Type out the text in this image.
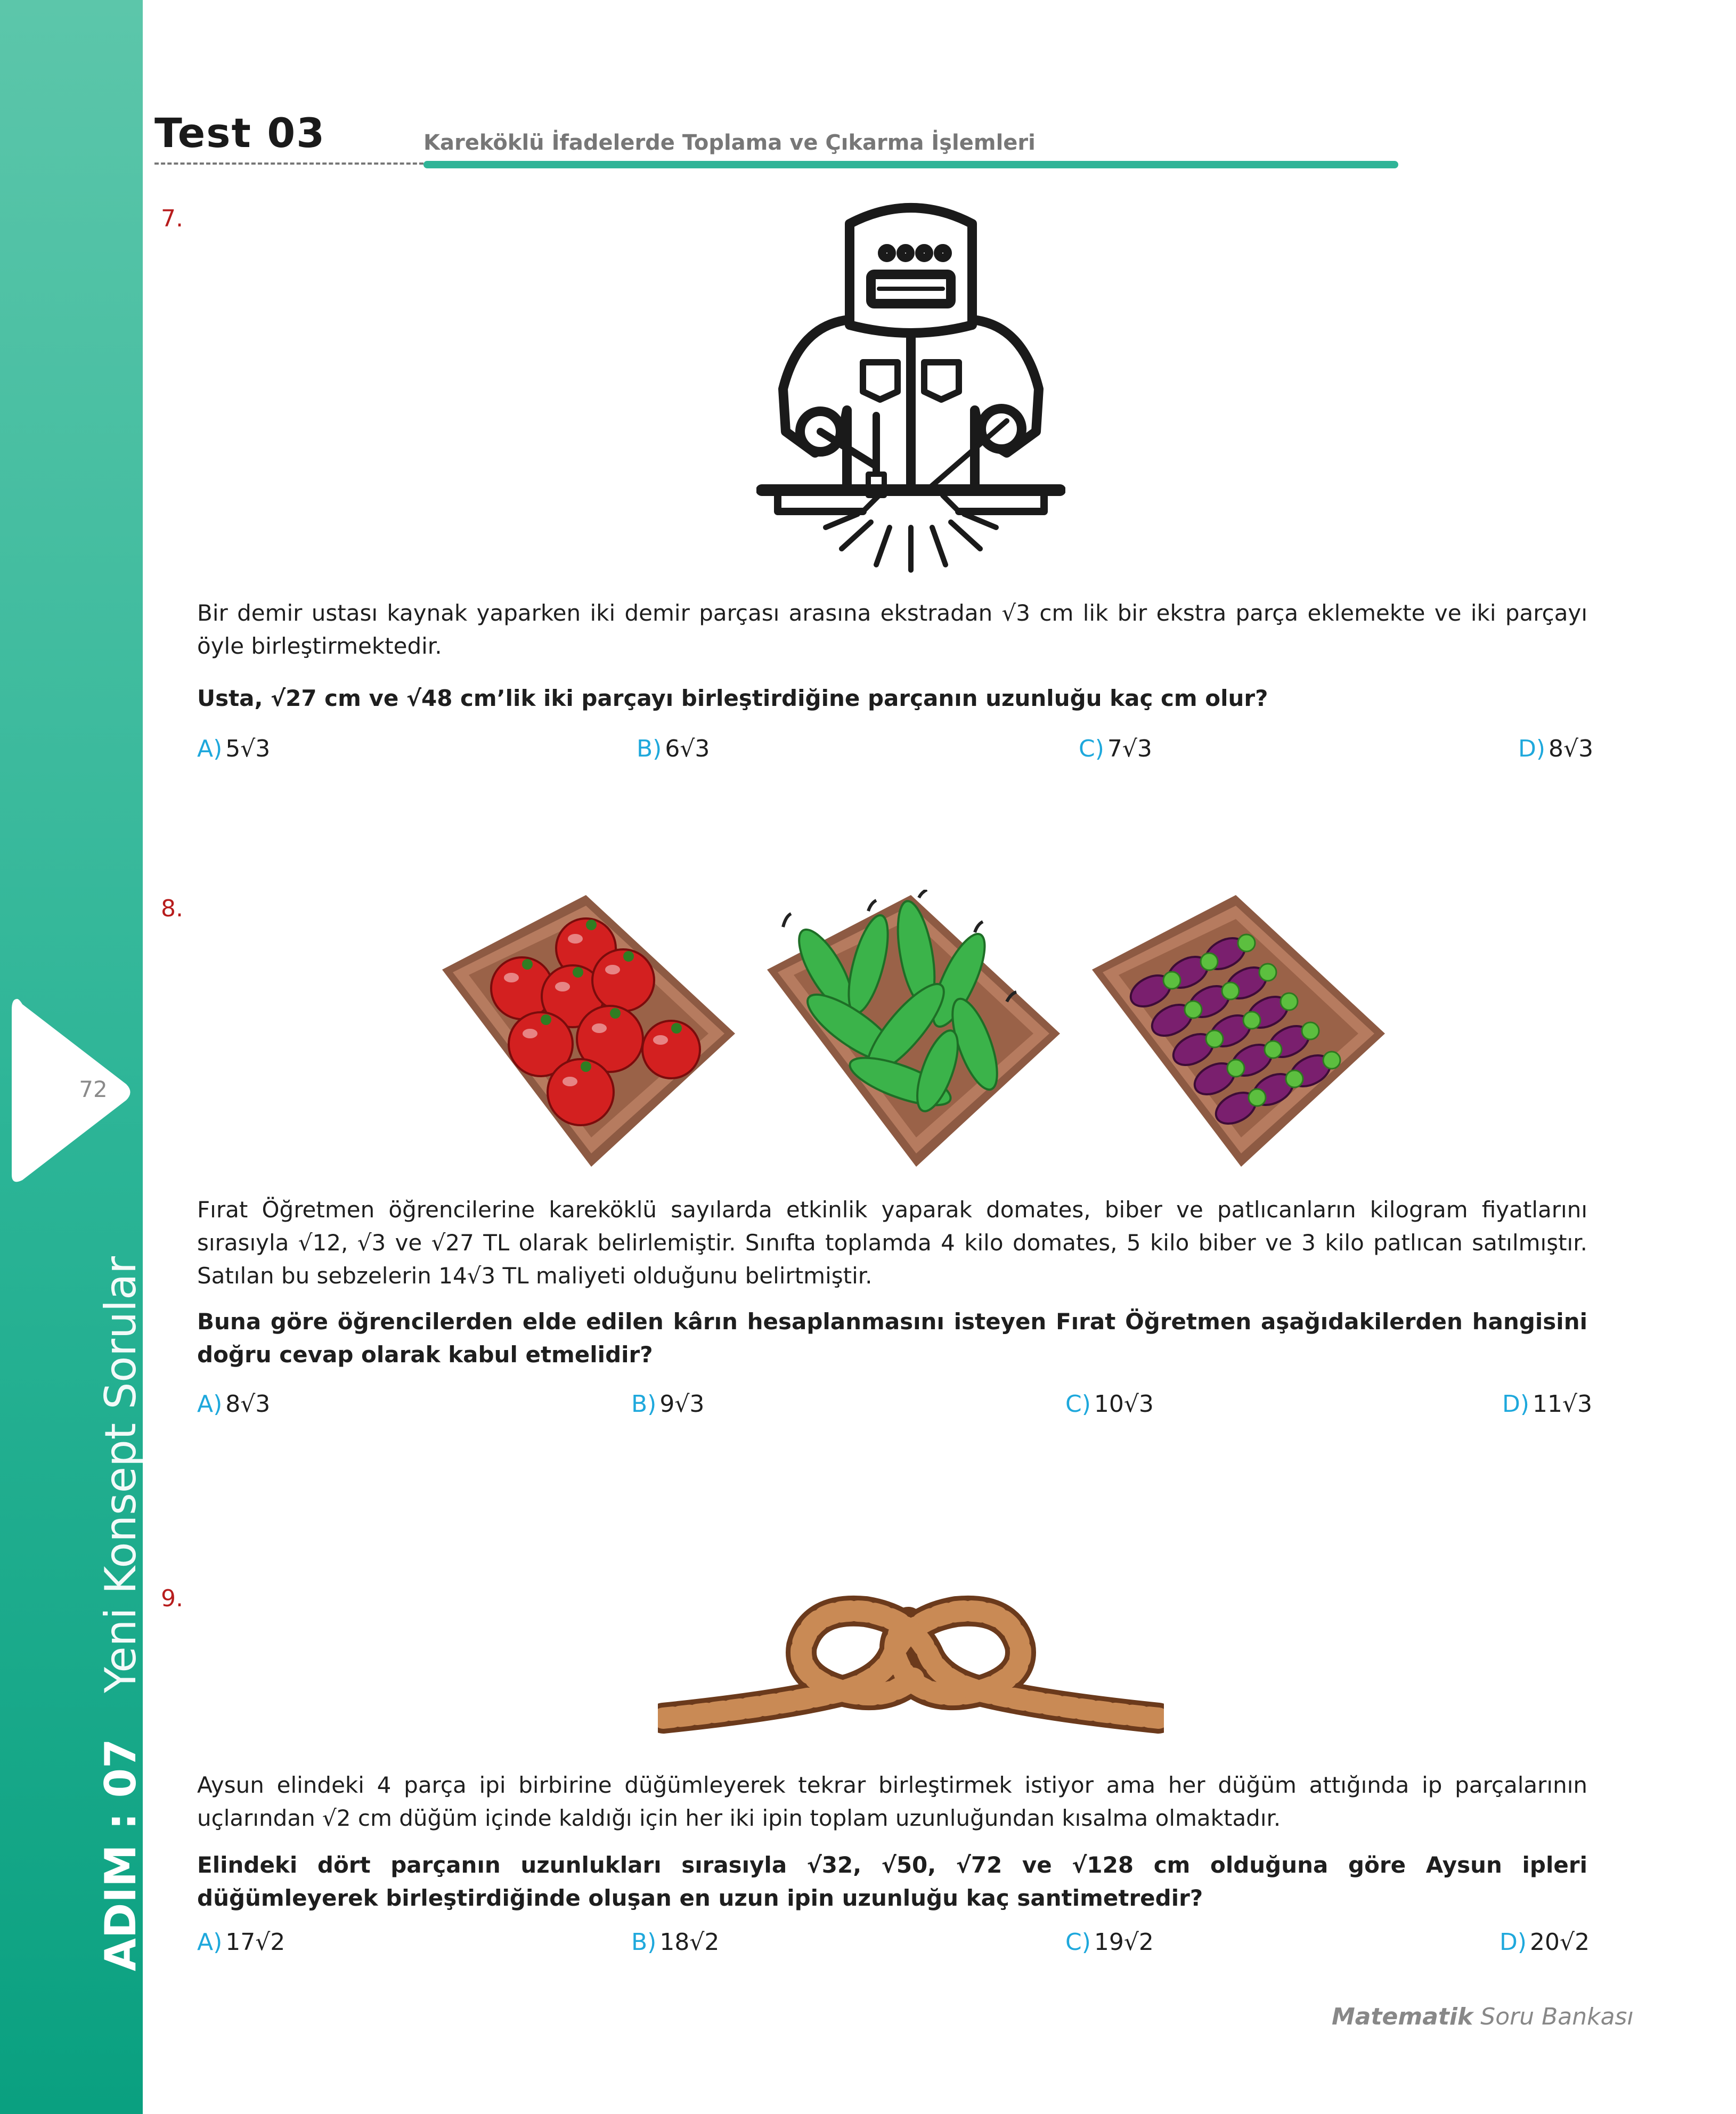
72
ADIM : 07 Yeni Konsept Sorular
Test 03	Kareköklü İfadelerde Toplama ve Çıkarma İşlemleri
7.
Bir demir ustası kaynak yaparken iki demir parçası arasına ekstradan √3 cm lik bir ekstra parça eklemekte ve iki parçayı öyle birleştirmektedir.
Usta, √27 cm ve √48 cm’lik iki parçayı birleştirdiğine parçanın uzunluğu kaç cm olur?
A) 5√3	B) 6√3	C) 7√3	D) 8√3
8.
Fırat Öğretmen öğrencilerine kareköklü sayılarda etkinlik yaparak domates, biber ve patlıcanların kilogram fiyatlarını sırasıyla √12, √3 ve √27 TL olarak belirlemiştir. Sınıfta toplamda 4 kilo domates, 5 kilo biber ve 3 kilo patlıcan satılmıştır. Satılan bu sebzelerin 14√3 TL maliyeti olduğunu belirtmiştir.
Buna göre öğrencilerden elde edilen kârın hesaplanmasını isteyen Fırat Öğretmen aşağıdakilerden hangisini doğru cevap olarak kabul etmelidir?
A) 8√3	B) 9√3	C) 10√3	D) 11√3
9.
Aysun elindeki 4 parça ipi birbirine düğümleyerek tekrar birleştirmek istiyor ama her düğüm attığında ip parçalarının uçlarından √2 cm düğüm içinde kaldığı için her iki ipin toplam uzunluğundan kısalma olmaktadır.
Elindeki dört parçanın uzunlukları sırasıyla √32, √50, √72 ve √128 cm olduğuna göre Aysun ipleri düğümleyerek birleştirdiğinde oluşan en uzun ipin uzunluğu kaç santimetredir?
A) 17√2	B) 18√2	C) 19√2	D) 20√2
Matematik Soru Bankası
